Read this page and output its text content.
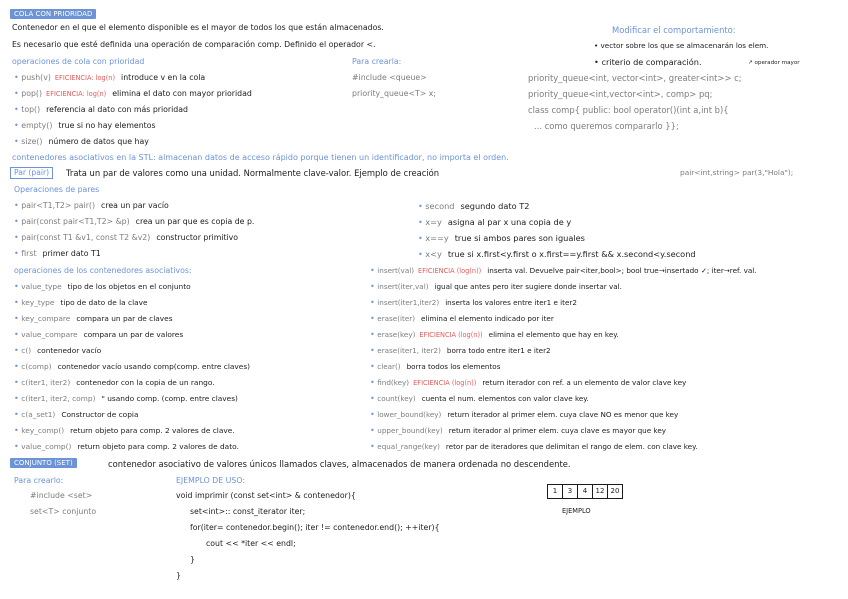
COLA CON PRIORIDAD
Contenedor en el que el elemento disponible es el mayor de todos los que están almacenados.
Es necesario que esté definida una operación de comparación comp. Definido el operador <.
operaciones de cola con prioridad
• push(v) EFICIENCIA: log(n) introduce v en la cola
• pop() EFICIENCIA: log(n) elimina el dato con mayor prioridad
• top() referencia al dato con más prioridad
• empty() true si no hay elementos
• size() número de datos que hay
Para crearla:
#include <queue>
priority_queue<T> x;
Modificar el comportamiento:
• vector sobre los que se almacenarán los elem.
• criterio de comparación.	↗ operador mayor
priority_queue<int, vector<int>, greater<int>> c;
priority_queue<int,vector<int>, comp> pq;
class comp{ public: bool operator()(int a,int b){
... como queremos compararlo }};
contenedores asociativos en la STL: almacenan datos de acceso rápido porque tienen un identificador, no importa el orden.
Par (pair)	Trata un par de valores como una unidad. Normalmente clave-valor. Ejemplo de creación	pair<int,string> par(3,"Hola");
Operaciones de pares
• pair<T1,T2> pair() crea un par vacío
• pair(const pair<T1,T2> &p) crea un par que es copia de p.
• pair(const T1 &v1, const T2 &v2) constructor primitivo
• first primer dato T1
• second segundo dato T2
• x=y asigna al par x una copia de y
• x==y true si ambos pares son iguales
• x<y true si x.first<y.first o x.first==y.first && x.second<y.second
operaciones de los contenedores asociativos:
• value_type tipo de los objetos en el conjunto
• key_type tipo de dato de la clave
• key_compare compara un par de claves
• value_compare compara un par de valores
• c() contenedor vacío
• c(comp) contenedor vacío usando comp(comp. entre claves)
• c(iter1, iter2) contenedor con la copia de un rango.
• c(iter1, iter2, comp) " usando comp. (comp. entre claves)
• c(a_set1) Constructor de copia
• key_comp() return objeto para comp. 2 valores de clave.
• value_comp() return objeto para comp. 2 valores de dato.
• insert(val) EFICIENCIA (log(n)) inserta val. Devuelve pair<iter,bool>; bool true→insertado ✓; iter→ref. val.
• insert(iter,val) igual que antes pero iter sugiere donde insertar val.
• insert(iter1,iter2) inserta los valores entre iter1 e iter2
• erase(iter) elimina el elemento indicado por iter
• erase(key) EFICIENCIA (log(n)) elimina el elemento que hay en key.
• erase(iter1, iter2) borra todo entre iter1 e iter2
• clear() borra todos los elementos
• find(key) EFICIENCIA (log(n)) return iterador con ref. a un elemento de valor clave key
• count(key) cuenta el num. elementos con valor clave key.
• lower_bound(key) return iterador al primer elem. cuya clave NO es menor que key
• upper_bound(key) return iterador al primer elem. cuya clave es mayor que key
• equal_range(key) retor par de iteradores que delimitan el rango de elem. con clave key.
CONJUNTO (SET)	contenedor asociativo de valores únicos llamados claves, almacenados de manera ordenada no descendente.
Para crearlo:
#include <set>
set<T> conjunto
EJEMPLO DE USO:
void imprimir (const set<int> & contenedor){
set<int>:: const_iterator iter;
for(iter= contenedor.begin(); iter != contenedor.end(); ++iter){
cout << *iter << endl;
}
}
1	3	4	12 20
EJEMPLO
